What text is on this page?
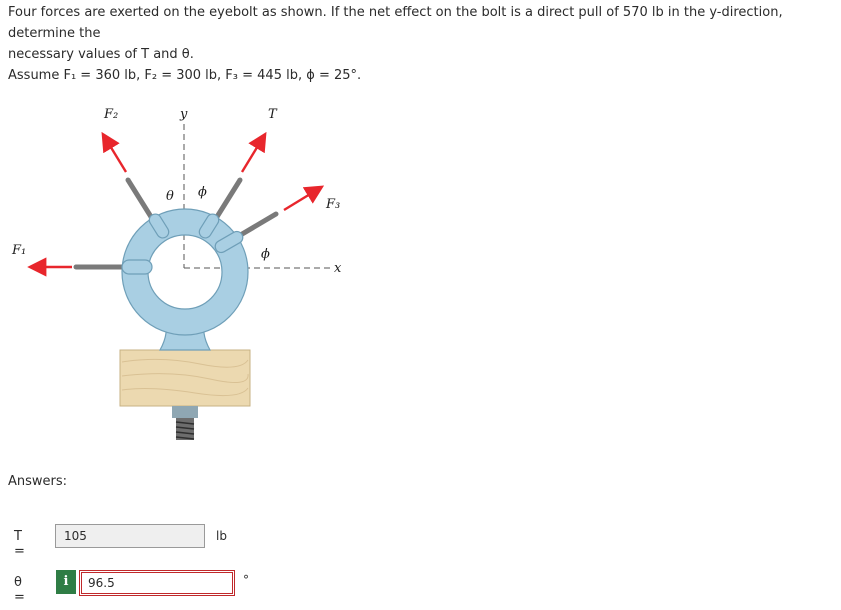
Four forces are exerted on the eyebolt as shown. If the net effect on the bolt is a direct pull of 570 lb in the y-direction, determine the

necessary values of T and θ.

Assume F₁ = 360 lb, F₂ = 300 lb, F₃ = 445 lb, ϕ = 25°.

F₁
F₂	y	T
F₃
θ ϕ
ϕ
x
Answers:
T =
105	lb
θ =
i	96.5	°
